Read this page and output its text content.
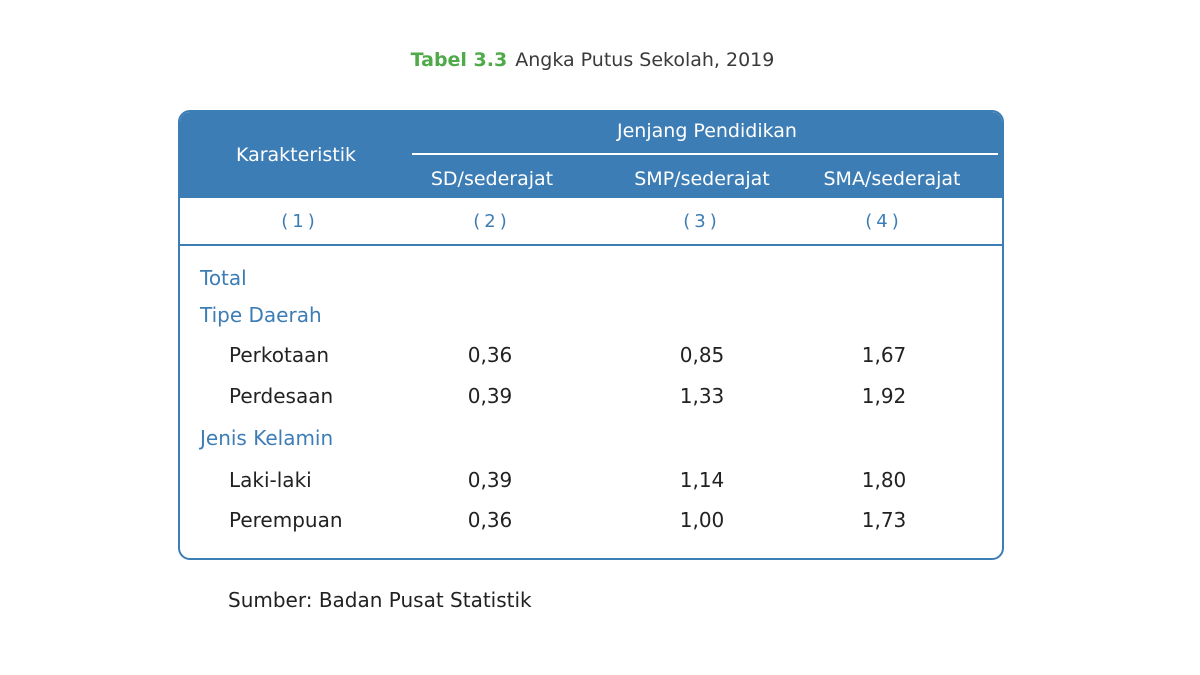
Tabel 3.3 Angka Putus Sekolah, 2019
Karakteristik
Jenjang Pendidikan
SD/sederajat	SMP/sederajat	SMA/sederajat
(1)	(2)	(3)	(4)
Total
Tipe Daerah
Perkotaan	0,36	0,85	1,67
Perdesaan	0,39	1,33	1,92
Jenis Kelamin
Laki-laki	0,39	1,14	1,80
Perempuan	0,36	1,00	1,73
Sumber: Badan Pusat Statistik
